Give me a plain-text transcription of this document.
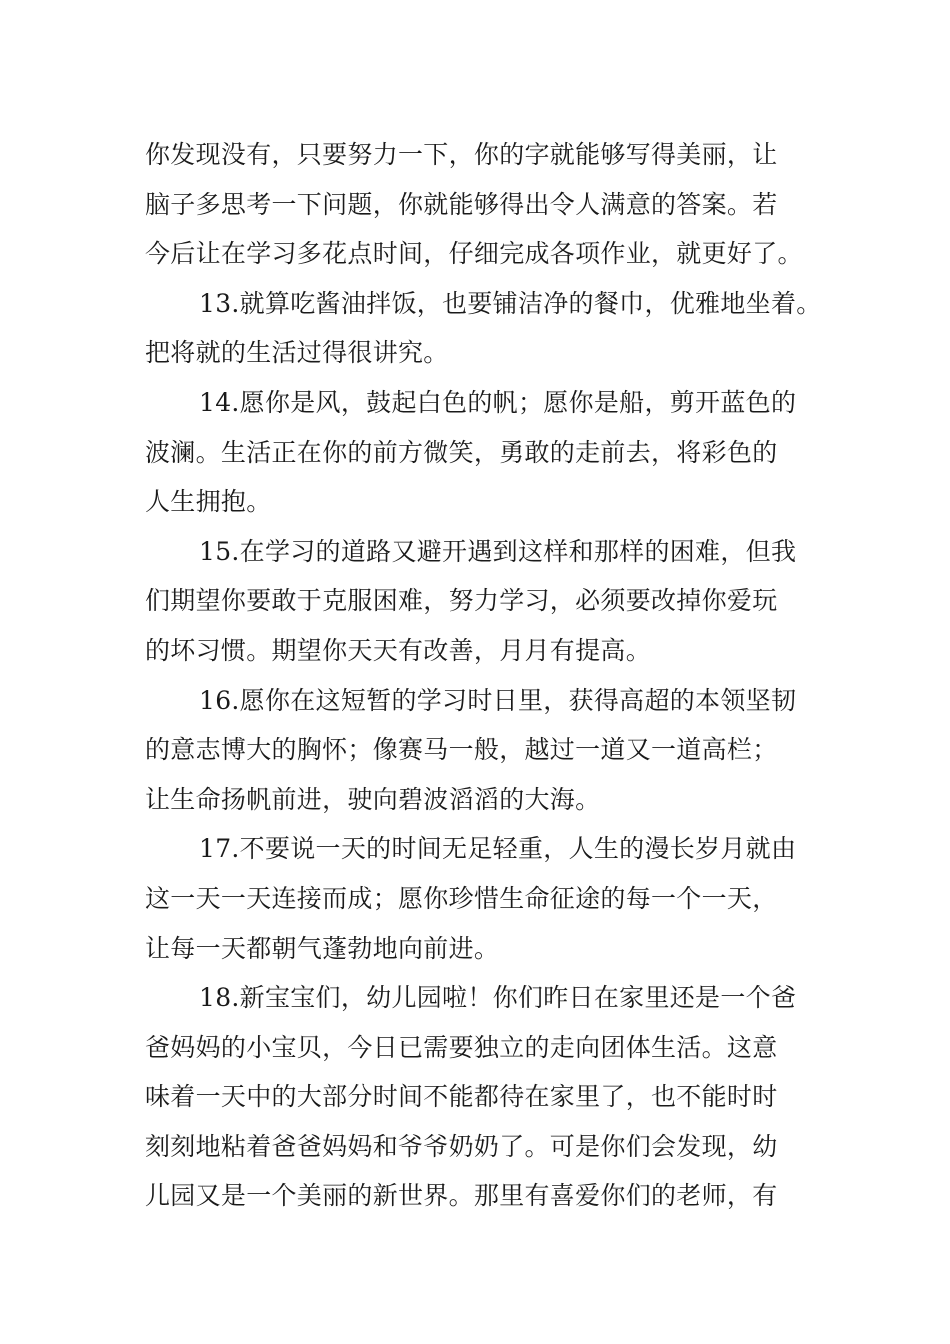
你发现没有，只要努力一下，你的字就能够写得美丽，让
脑子多思考一下问题，你就能够得出令人满意的答案。若
今后让在学习多花点时间，仔细完成各项作业，就更好了。
13.就算吃酱油拌饭，也要铺洁净的餐巾，优雅地坐着。
把将就的生活过得很讲究。
14.愿你是风，鼓起白色的帆；愿你是船，剪开蓝色的
波澜。生活正在你的前方微笑，勇敢的走前去，将彩色的
人生拥抱。
15.在学习的道路又避开遇到这样和那样的困难，但我
们期望你要敢于克服困难，努力学习，必须要改掉你爱玩
的坏习惯。期望你天天有改善，月月有提高。
16.愿你在这短暂的学习时日里，获得高超的本领坚韧
的意志博大的胸怀；像赛马一般，越过一道又一道高栏；
让生命扬帆前进，驶向碧波滔滔的大海。
17.不要说一天的时间无足轻重，人生的漫长岁月就由
这一天一天连接而成；愿你珍惜生命征途的每一个一天，
让每一天都朝气蓬勃地向前进。
18.新宝宝们，幼儿园啦！你们昨日在家里还是一个爸
爸妈妈的小宝贝，今日已需要独立的走向团体生活。这意
味着一天中的大部分时间不能都待在家里了，也不能时时
刻刻地粘着爸爸妈妈和爷爷奶奶了。可是你们会发现，幼
儿园又是一个美丽的新世界。那里有喜爱你们的老师，有
